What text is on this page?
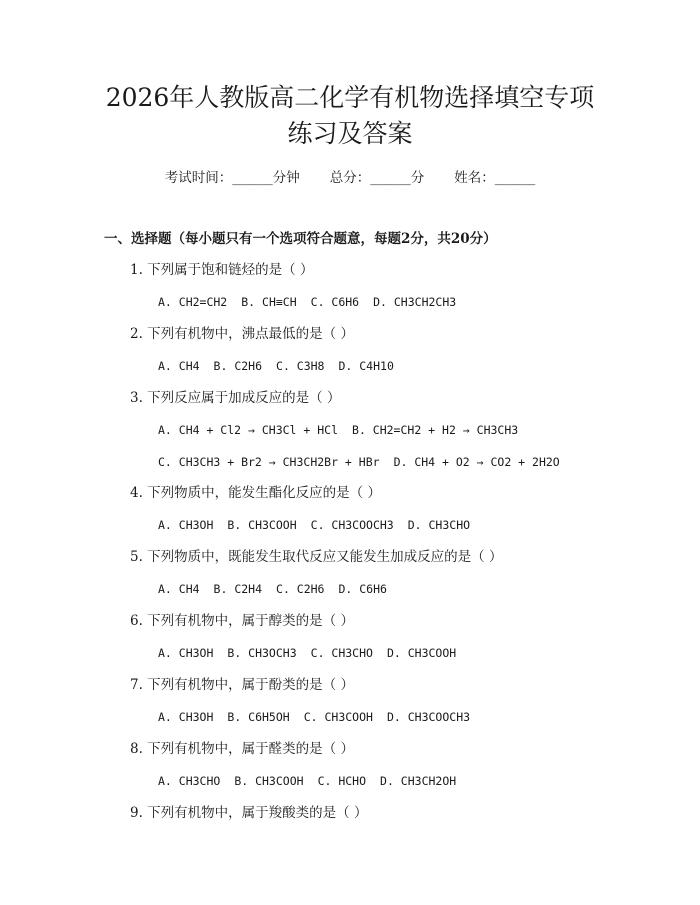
2026年人教版高二化学有机物选择填空专项
练习及答案
考试时间：______分钟 总分：______分 姓名：______
一、选择题（每小题只有一个选项符合题意，每题2分，共20分）
1. 下列属于饱和链烃的是（ ）
A. CH2=CH2 B. CH≡CH C. C6H6 D. CH3CH2CH3
2. 下列有机物中，沸点最低的是（ ）
A. CH4 B. C2H6 C. C3H8 D. C4H10
3. 下列反应属于加成反应的是（ ）
A. CH4 + Cl2 → CH3Cl + HCl B. CH2=CH2 + H2 → CH3CH3
C. CH3CH3 + Br2 → CH3CH2Br + HBr D. CH4 + O2 → CO2 + 2H2O
4. 下列物质中，能发生酯化反应的是（ ）
A. CH3OH B. CH3COOH C. CH3COOCH3 D. CH3CHO
5. 下列物质中，既能发生取代反应又能发生加成反应的是（ ）
A. CH4 B. C2H4 C. C2H6 D. C6H6
6. 下列有机物中，属于醇类的是（ ）
A. CH3OH B. CH3OCH3 C. CH3CHO D. CH3COOH
7. 下列有机物中，属于酚类的是（ ）
A. CH3OH B. C6H5OH C. CH3COOH D. CH3COOCH3
8. 下列有机物中，属于醛类的是（ ）
A. CH3CHO B. CH3COOH C. HCHO D. CH3CH2OH
9. 下列有机物中，属于羧酸类的是（ ）
